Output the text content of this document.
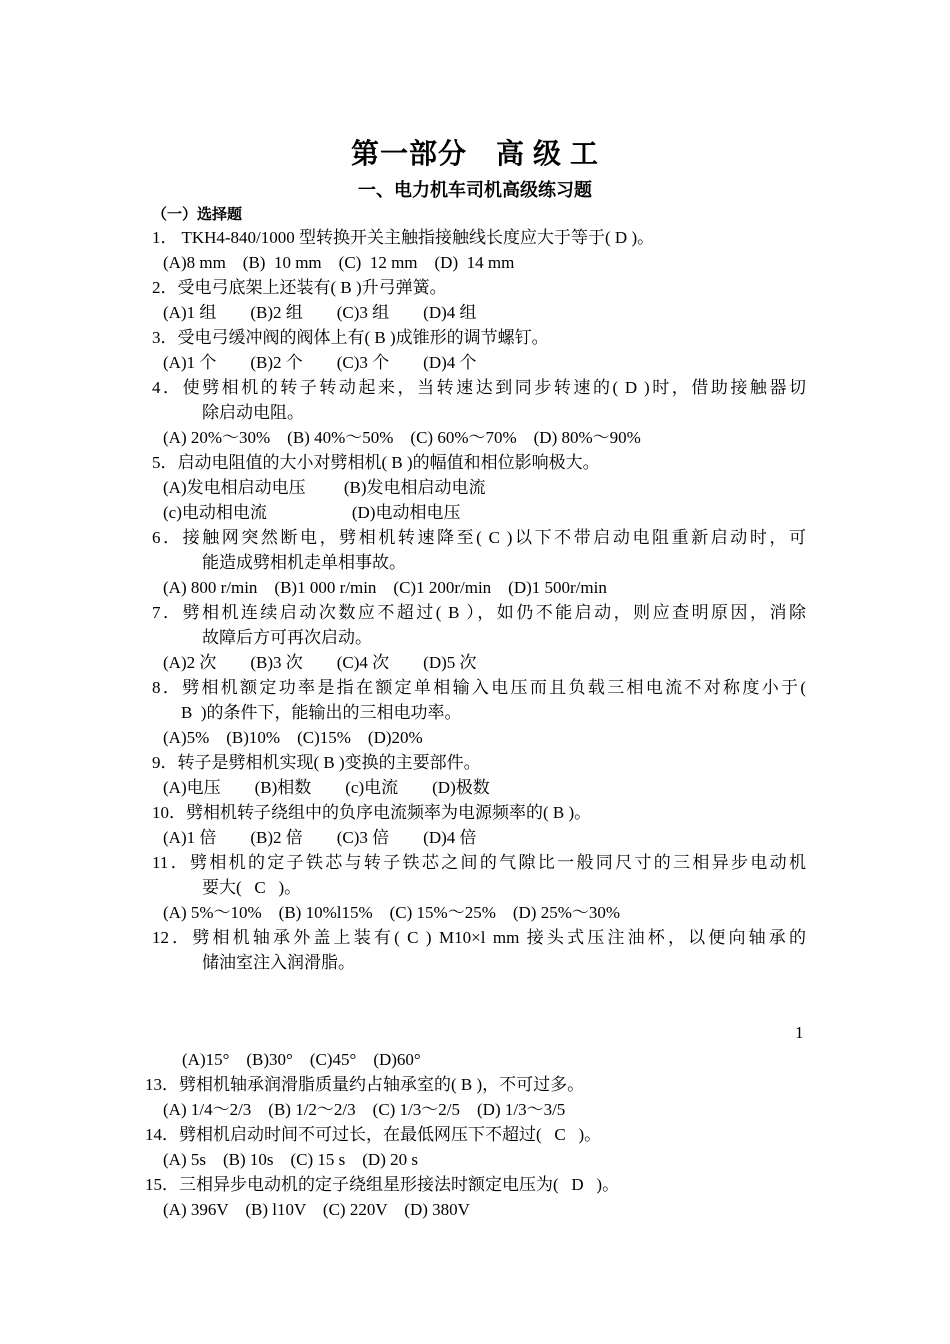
第一部分　高 级 工
一、电力机车司机高级练习题
（一）选择题
1． TKH4-840/1000 型转换开关主触指接触线长度应大于等于( D )。
(A)8 mm    (B)  10 mm    (C)  12 mm    (D)  14 mm
2．受电弓底架上还装有( B )升弓弹簧。
(A)1 组        (B)2 组        (C)3 组        (D)4 组
3．受电弓缓冲阀的阀体上有( B )成锥形的调节螺钉。
(A)1 个        (B)2 个        (C)3 个        (D)4 个
4．使劈相机的转子转动起来，当转速达到同步转速的( D )时，借助接触器切
除启动电阻。
(A) 20%～30%    (B) 40%～50%    (C) 60%～70%    (D) 80%～90%
5．启动电阻值的大小对劈相机( B )的幅值和相位影响极大。
(A)发电相启动电压         (B)发电相启动电流
(c)电动相电流                    (D)电动相电压
6．接触网突然断电，劈相机转速降至( C )以下不带启动电阻重新启动时，可
能造成劈相机走单相事故。
(A) 800 r/min    (B)1 000 r/min    (C)1 200r/min    (D)1 500r/min
7．劈相机连续启动次数应不超过( B ），如仍不能启动，则应查明原因，消除
故障后方可再次启动。
(A)2 次        (B)3 次        (C)4 次        (D)5 次
8．劈相机额定功率是指在额定单相输入电压而且负载三相电流不对称度小于(
B  )的条件下，能输出的三相电功率。
(A)5%    (B)10%    (C)15%    (D)20%
9．转子是劈相机实现( B )变换的主要部件。
(A)电压        (B)相数        (c)电流        (D)极数
10．劈相机转子绕组中的负序电流频率为电源频率的( B )。
(A)1 倍        (B)2 倍        (C)3 倍        (D)4 倍
11．劈相机的定子铁芯与转子铁芯之间的气隙比一般同尺寸的三相异步电动机
要大(   C   )。
(A) 5%～10%    (B) 10%l15%    (C) 15%～25%    (D) 25%～30%
12．劈相机轴承外盖上装有( C ) M10×l mm 接头式压注油杯，以便向轴承的
储油室注入润滑脂。
(A)15°    (B)30°    (C)45°    (D)60°
13．劈相机轴承润滑脂质量约占轴承室的( B )，不可过多。
(A) 1/4～2/3    (B) 1/2～2/3    (C) 1/3～2/5    (D) 1/3～3/5
14．劈相机启动时间不可过长，在最低网压下不超过(   C   )。
(A) 5s    (B) 10s    (C) 15 s    (D) 20 s
15．三相异步电动机的定子绕组星形接法时额定电压为(   D   )。
(A) 396V    (B) l10V    (C) 220V    (D) 380V
1
